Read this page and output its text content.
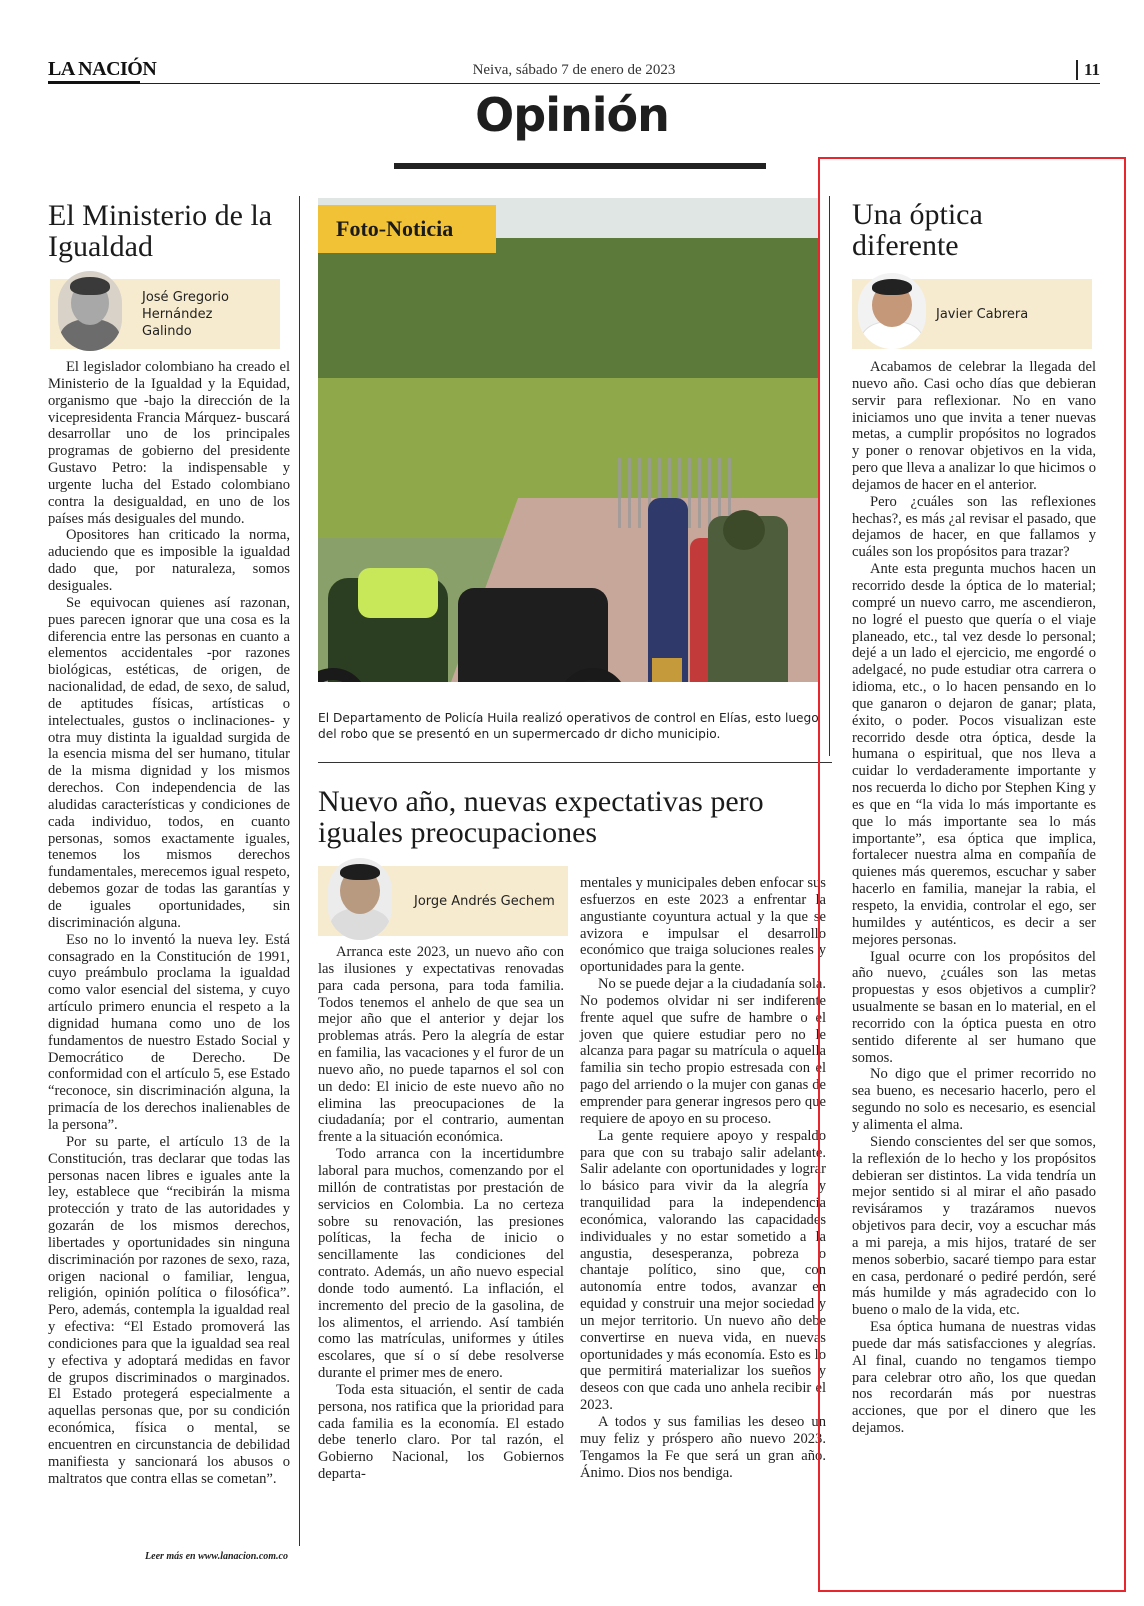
LA NACIÓN	Neiva, sábado 7 de enero de 2023	11
Opinión
El Ministerio de la Igualdad
José Gregorio Hernández Galindo

El legislador colombiano ha creado el Ministerio de la Igualdad y la Equidad, organismo que -bajo la dirección de la vicepresidenta Francia Márquez- buscará desarrollar uno de los principales programas de gobierno del presidente Gustavo Petro: la indispensable y urgente lucha del Estado colombiano contra la desigualdad, en uno de los países más desiguales del mundo.

Opositores han criticado la norma, aduciendo que es imposible la igualdad dado que, por naturaleza, somos desiguales.

Se equivocan quienes así razonan, pues parecen ignorar que una cosa es la diferencia entre las personas en cuanto a elementos accidentales -por razones biológicas, estéticas, de origen, de nacionalidad, de edad, de sexo, de salud, de aptitudes físicas, artísticas o intelectuales, gustos o inclinaciones- y otra muy distinta la igualdad surgida de la esencia misma del ser humano, titular de la misma dignidad y los mismos derechos. Con independencia de las aludidas características y condiciones de cada individuo, todos, en cuanto personas, somos exactamente iguales, tenemos los mismos derechos fundamentales, merecemos igual respeto, debemos gozar de todas las garantías y de iguales oportunidades, sin discriminación alguna.

Eso no lo inventó la nueva ley. Está consagrado en la Constitución de 1991, cuyo preámbulo proclama la igualdad como valor esencial del sistema, y cuyo artículo primero enuncia el respeto a la dignidad humana como uno de los fundamentos de nuestro Estado Social y Democrático de Derecho. De conformidad con el artículo 5, ese Estado “reconoce, sin discriminación alguna, la primacía de los derechos inalienables de la persona”.

Por su parte, el artículo 13 de la Constitución, tras declarar que todas las personas nacen libres e iguales ante la ley, establece que “recibirán la misma protección y trato de las autoridades y gozarán de los mismos derechos, libertades y oportunidades sin ninguna discriminación por razones de sexo, raza, origen nacional o familiar, lengua, religión, opinión política o filosófica”. Pero, además, contempla la igualdad real y efectiva: “El Estado promoverá las condiciones para que la igualdad sea real y efectiva y adoptará medidas en favor de grupos discriminados o marginados. El Estado protegerá especialmente a aquellas personas que, por su condición económica, física o mental, se encuentren en circunstancia de debilidad manifiesta y sancionará los abusos o maltratos que contra ellas se cometan”.

Leer más en www.lanacion.com.co
Foto-Noticia
El Departamento de Policía Huila realizó operativos de control en Elías, esto luego del robo que se presentó en un supermercado dr dicho municipio.
Nuevo año, nuevas expectativas pero iguales preocupaciones
Jorge Andrés Gechem

Arranca este 2023, un nuevo año con las ilusiones y expectativas renovadas para cada persona, para toda familia. Todos tenemos el anhelo de que sea un mejor año que el anterior y dejar los problemas atrás. Pero la alegría de estar en familia, las vacaciones y el furor de un nuevo año, no puede taparnos el sol con un dedo: El inicio de este nuevo año no elimina las preocupaciones de la ciudadanía; por el contrario, aumentan frente a la situación económica.

Todo arranca con la incertidumbre laboral para muchos, comenzando por el millón de contratistas por prestación de servicios en Colombia. La no certeza sobre su renovación, las presiones políticas, la fecha de inicio o sencillamente las condiciones del contrato. Además, un año nuevo especial donde todo aumentó. La inflación, el incremento del precio de la gasolina, de los alimentos, el arriendo. Así también como las matrículas, uniformes y útiles escolares, que sí o sí debe resolverse durante el primer mes de enero.

Toda esta situación, el sentir de cada persona, nos ratifica que la prioridad para cada familia es la economía. El estado debe tenerlo claro. Por tal razón, el Gobierno Nacional, los Gobiernos departa-

mentales y municipales deben enfocar sus esfuerzos en este 2023 a enfrentar la angustiante coyuntura actual y la que se avizora e impulsar el desarrollo económico que traiga soluciones reales y oportunidades para la gente.

No se puede dejar a la ciudadanía sola. No podemos olvidar ni ser indiferente frente aquel que sufre de hambre o el joven que quiere estudiar pero no le alcanza para pagar su matrícula o aquella familia sin techo propio estresada con el pago del arriendo o la mujer con ganas de emprender para generar ingresos pero que requiere de apoyo en su proceso.

La gente requiere apoyo y respaldo para que con su trabajo salir adelante. Salir adelante con oportunidades y lograr lo básico para vivir da la alegría y tranquilidad para la independencia económica, valorando las capacidades individuales y no estar sometido a la angustia, desesperanza, pobreza o chantaje político, sino que, con autonomía entre todos, avanzar en equidad y construir una mejor sociedad y un mejor territorio. Un nuevo año debe convertirse en nueva vida, en nuevas oportunidades y más economía. Esto es lo que permitirá materializar los sueños y deseos con que cada uno anhela recibir el 2023.

A todos y sus familias les deseo un muy feliz y próspero año nuevo 2023. Tengamos la Fe que será un gran año. Ánimo. Dios nos bendiga.

Una óptica diferente
Javier Cabrera

Acabamos de celebrar la llegada del nuevo año. Casi ocho días que debieran servir para reflexionar. No en vano iniciamos uno que invita a tener nuevas metas, a cumplir propósitos no logrados y poner o renovar objetivos en la vida, pero que lleva a analizar lo que hicimos o dejamos de hacer en el anterior.

Pero ¿cuáles son las reflexiones hechas?, es más ¿al revisar el pasado, que dejamos de hacer, en que fallamos y cuáles son los propósitos para trazar?

Ante esta pregunta muchos hacen un recorrido desde la óptica de lo material; compré un nuevo carro, me ascendieron, no logré el puesto que quería o el viaje planeado, etc., tal vez desde lo personal; dejé a un lado el ejercicio, me engordé o adelgacé, no pude estudiar otra carrera o idioma, etc., o lo hacen pensando en lo que ganaron o dejaron de ganar; plata, éxito, o poder. Pocos visualizan este recorrido desde otra óptica, desde la humana o espiritual, que nos lleva a cuidar lo verdaderamente importante y nos recuerda lo dicho por Stephen King y es que en “la vida lo más importante es que lo más importante sea lo más importante”, esa óptica que implica, fortalecer nuestra alma en compañía de quienes más queremos, escuchar y saber hacerlo en familia, manejar la rabia, el respeto, la envidia, controlar el ego, ser humildes y auténticos, es decir a ser mejores personas.

Igual ocurre con los propósitos del año nuevo, ¿cuáles son las metas propuestas y esos objetivos a cumplir? usualmente se basan en lo material, en el recorrido con la óptica puesta en otro sentido diferente al ser humano que somos.

No digo que el primer recorrido no sea bueno, es necesario hacerlo, pero el segundo no solo es necesario, es esencial y alimenta el alma.

Siendo conscientes del ser que somos, la reflexión de lo hecho y los propósitos debieran ser distintos. La vida tendría un mejor sentido si al mirar el año pasado revisáramos y trazáramos nuevos objetivos para decir, voy a escuchar más a mi pareja, a mis hijos, trataré de ser menos soberbio, sacaré tiempo para estar en casa, perdonaré o pediré perdón, seré más humilde y más agradecido con lo bueno o malo de la vida, etc.

Esa óptica humana de nuestras vidas puede dar más satisfacciones y alegrías. Al final, cuando no tengamos tiempo para celebrar otro año, los que quedan nos recordarán más por nuestras acciones, que por el dinero que les dejamos.
